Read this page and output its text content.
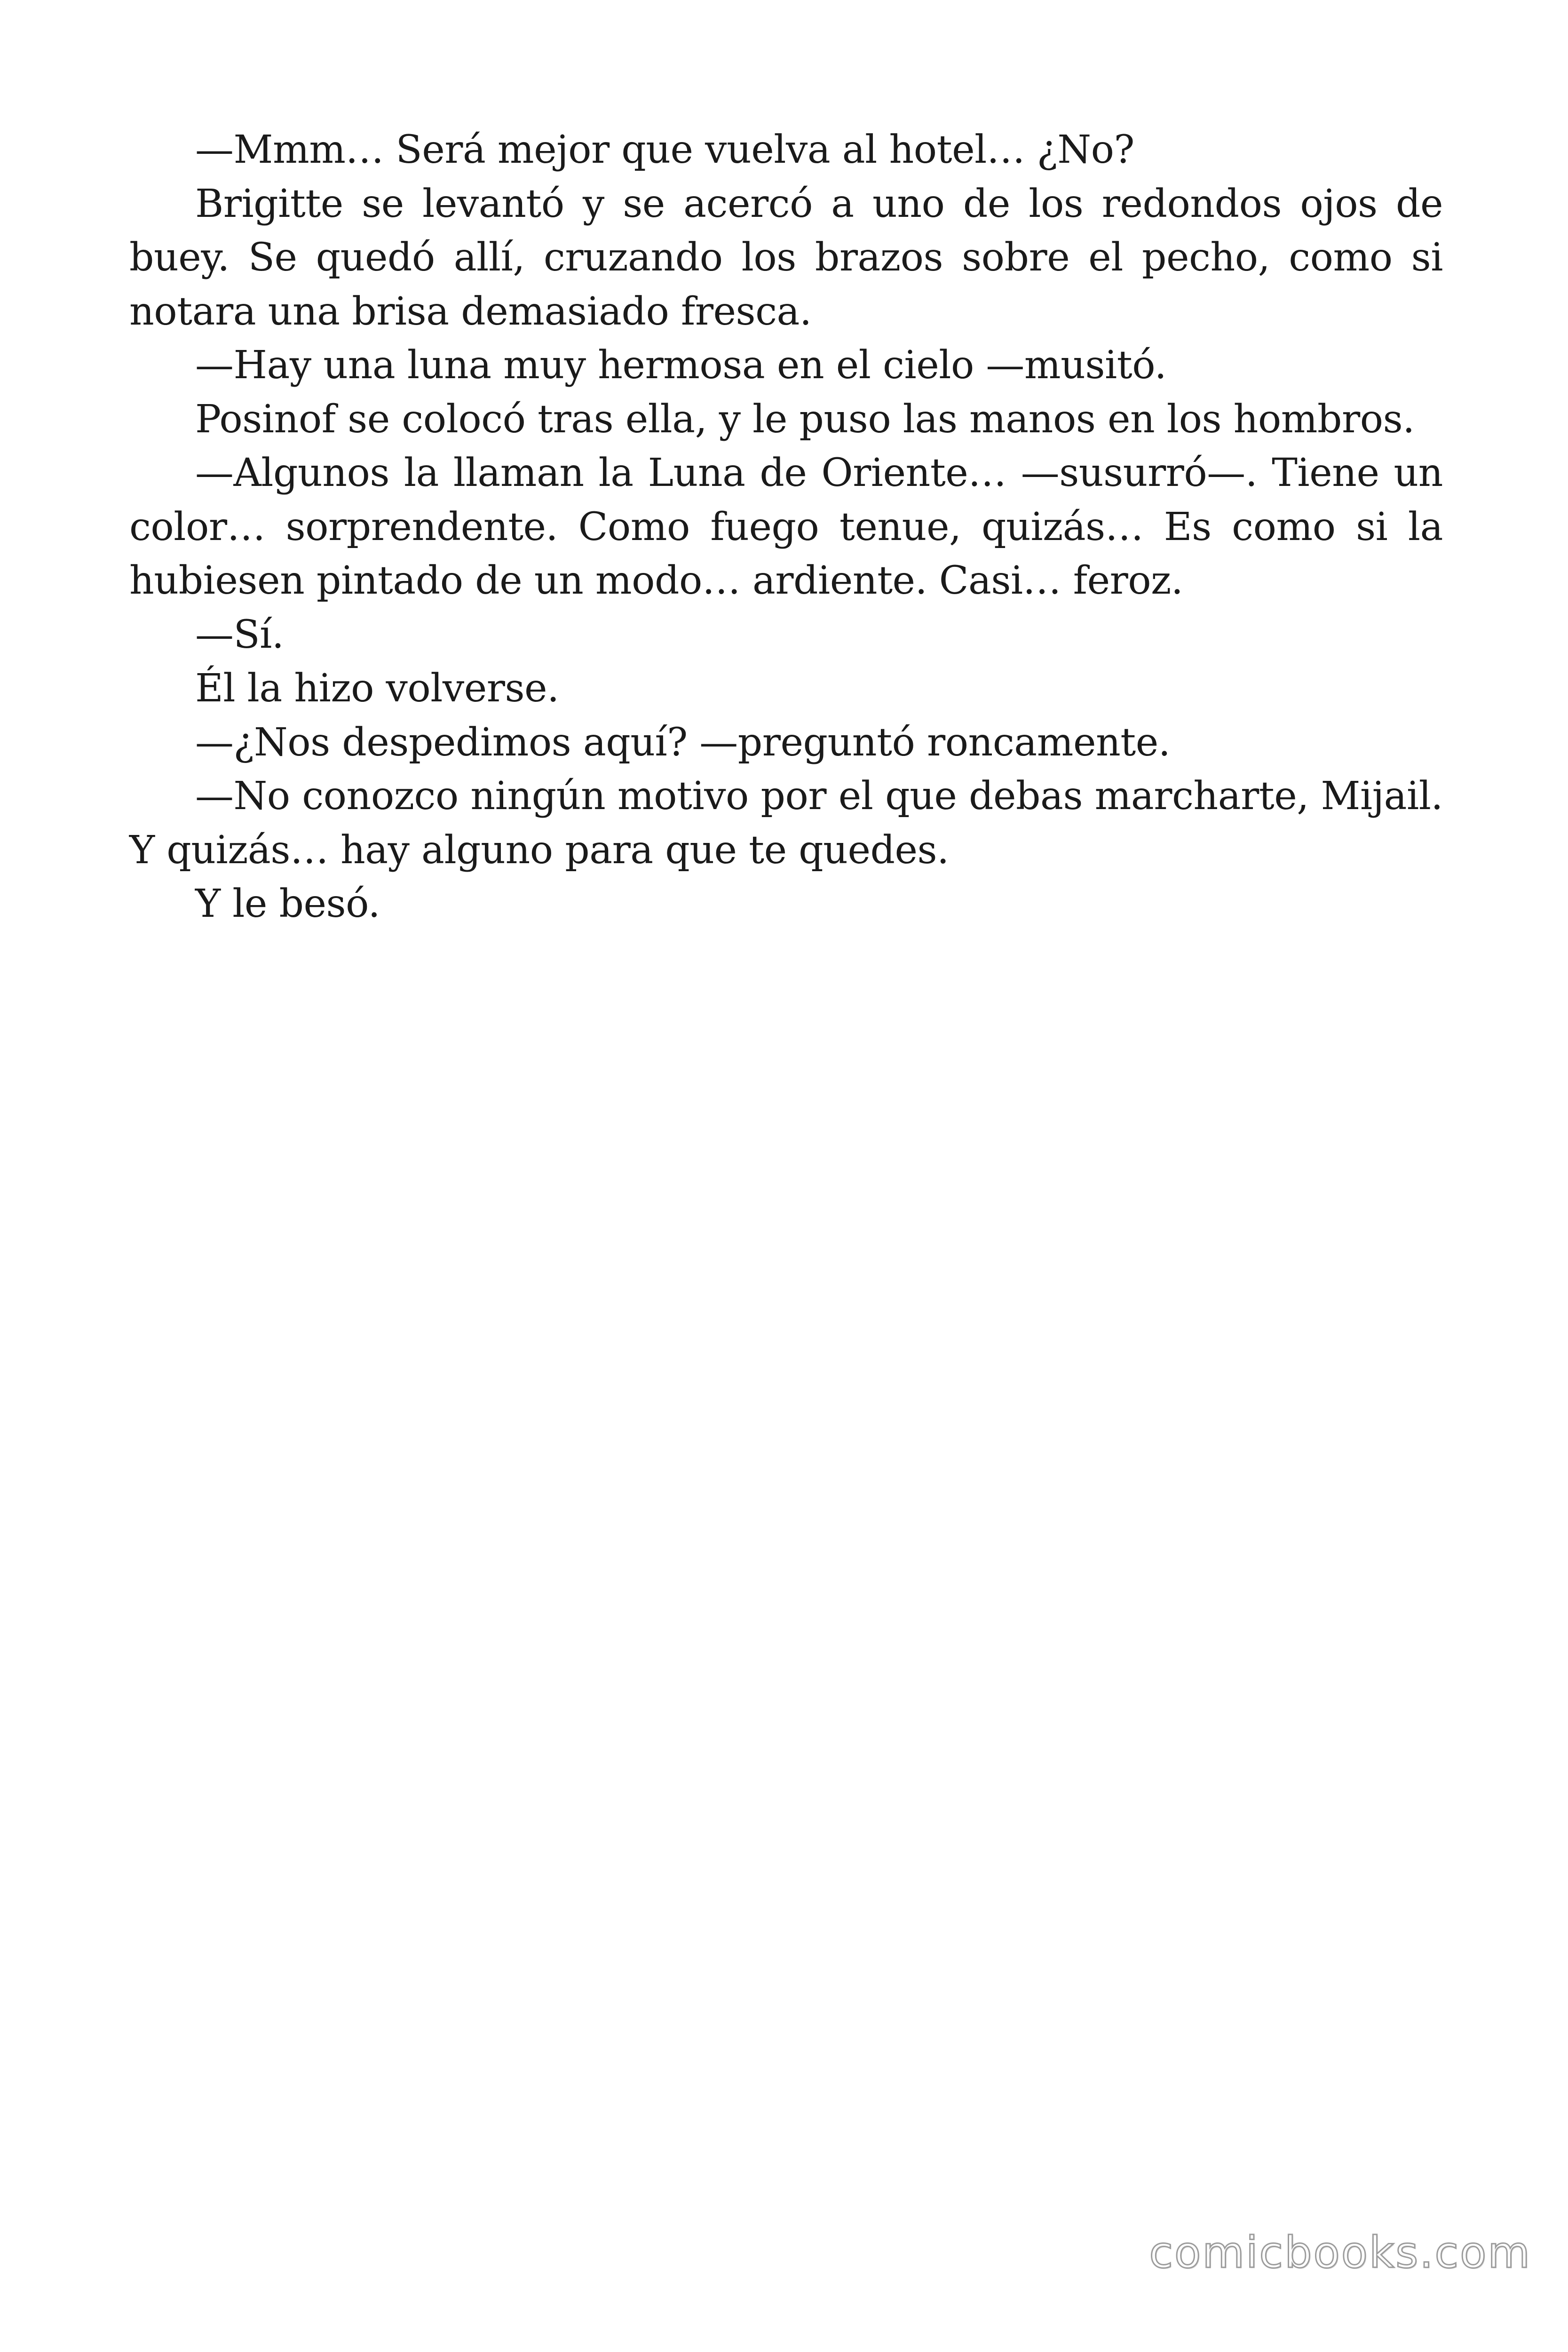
—Mmm… Será mejor que vuelva al hotel… ¿No?

Brigitte se levantó y se acercó a uno de los redondos ojos de buey. Se quedó allí, cruzando los brazos sobre el pecho, como si notara una brisa demasiado fresca.

—Hay una luna muy hermosa en el cielo —musitó.

Posinof se colocó tras ella, y le puso las manos en los hombros.

—Algunos la llaman la Luna de Oriente… —susurró—. Tiene un color… sorprendente. Como fuego tenue, quizás… Es como si la hubiesen pintado de un modo… ardiente. Casi… feroz.

—Sí.

Él la hizo volverse.

—¿Nos despedimos aquí? —preguntó roncamente.

—No conozco ningún motivo por el que debas marcharte, Mijail. Y quizás… hay alguno para que te quedes.

Y le besó.

comicbooks.com
